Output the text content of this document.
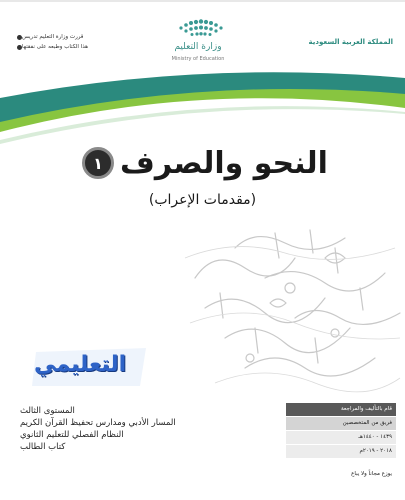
المملكة العربية السعودية
وزارة التعليم
Ministry of Education
قررت وزارة التعليم تدريس
هذا الكتاب وطبعه على نفقتها
النحو والصرف
١
(مقدمات الإعراب)
التعليمي
المستوى الثالث
المسار الأدبي ومدارس تحفيظ القرآن الكريم
النظام الفصلي للتعليم الثانوي
كتاب الطالب
قام بالتأليف والمراجعة
فريق من المتخصصين
١٤٣٩ - ١٤٤٠هـ
٢٠١٨ - ٢٠١٩م
يوزع مجاناً ولا يباع
